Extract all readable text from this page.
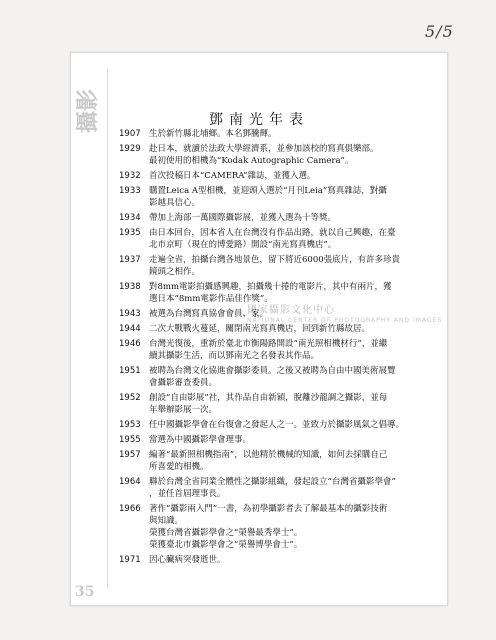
5/5
攝影
35
鄧南光年表
國家攝影文化中心
NATIONAL CENTER OF PHOTOGRAPHY AND IMAGES
1907 生於新竹縣北埔鄉。本名鄧騰輝。
1929 赴日本，就讀於法政大學經濟系，並參加該校的寫真俱樂部。
最初使用的相機為“Kodak Autographic Camera”。
1932 首次投稿日本“CAMERA”雜誌，並獲入選。
1933 購置Leica A型相機，並迎頭入選於“月刊Leia”寫真雜誌，對攝
影越具信心。
1934 帶加上海部一萬國際攝影展，並獲入選為十等獎。
1935 由日本回台，因本省人在台灣沒有作品出路，就以自己興趣，在臺
北市京町（現在的博愛路）開設“南光寫真機店”。
1937 走遍全省，拍攝台灣各地景色，留下將近6000張底片，有許多珍貴
鏡頭之相作。
1938 對8mm電影拍攝感興趣，拍攝幾十捲的電影片，其中有兩片，獲
選日本“8mm電影作品佳作獎”。
1943 被選為台灣寫真協會會員、家。
1944 二次大戰戰火蔓延，關閉南光寫真機店，回到新竹縣故居。
1946 台灣光復後，重新於臺北市衡陽路開設“南光照相機材行”，並繼
續其攝影生活，而以鄧南光之名發表其作品。
1951 被聘為台灣文化協進會攝影委員。之後又被聘為自由中國美術展覽
會攝影審查委員。
1952 創設“自由影展”社，其作品自由新穎，脫離沙龍調之攝影，並每
年舉辦影展一次。
1953 任中國攝影學會在台復會之發起人之一。並致力於攝影風氣之倡導。
1955 當選為中國攝影學會理事。
1957 編著“最新照相機指南”，以他精於機械的知識，如何去採購自己
所喜愛的相機。
1964 聯於台灣全省同業全體性之攝影組織，發起設立“台灣省攝影學會”
，並任首屆理事長。
1966 著作“攝影兩入門”一書，為初學攝影者去了解最基本的攝影技術
與知識。
榮獲台灣省攝影學會之“榮譽最秀學士”。
榮獲臺北市攝影學會之“榮譽博學會士”。
1971 因心臟病突發逝世。
